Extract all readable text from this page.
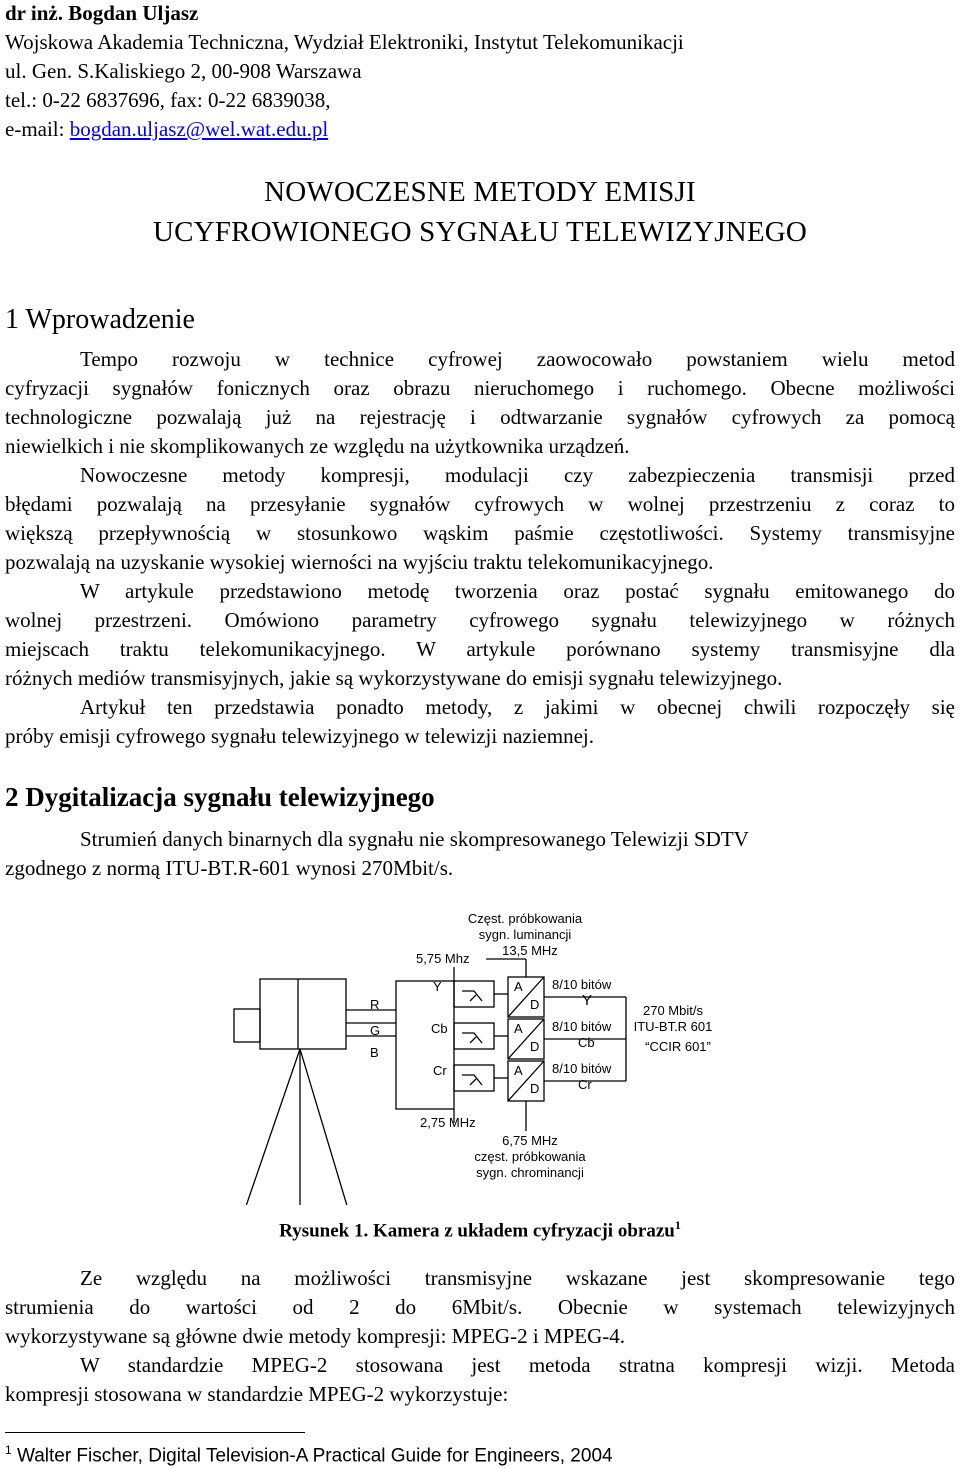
dr inż. Bogdan Uljasz
Wojskowa Akademia Techniczna, Wydział Elektroniki, Instytut Telekomunikacji
ul. Gen. S.Kaliskiego 2, 00-908 Warszawa
tel.: 0-22 6837696, fax: 0-22 6839038,
e-mail: bogdan.uljasz@wel.wat.edu.pl
NOWOCZESNE METODY EMISJI
UCYFROWIONEGO SYGNAŁU TELEWIZYJNEGO
1 Wprowadzenie
Tempo rozwoju w technice cyfrowej zaowocowało powstaniem wielu metod
cyfryzacji sygnałów fonicznych oraz obrazu nieruchomego i ruchomego. Obecne możliwości
technologiczne pozwalają już na rejestrację i odtwarzanie sygnałów cyfrowych za pomocą
niewielkich i nie skomplikowanych ze względu na użytkownika urządzeń.
Nowoczesne metody kompresji, modulacji czy zabezpieczenia transmisji przed
błędami pozwalają na przesyłanie sygnałów cyfrowych w wolnej przestrzeniu z coraz to
większą przepływnością w stosunkowo wąskim paśmie częstotliwości. Systemy transmisyjne
pozwalają na uzyskanie wysokiej wierności na wyjściu traktu telekomunikacyjnego.
W artykule przedstawiono metodę tworzenia oraz postać sygnału emitowanego do
wolnej przestrzeni. Omówiono parametry cyfrowego sygnału telewizyjnego w różnych
miejscach traktu telekomunikacyjnego. W artykule porównano systemy transmisyjne dla
różnych mediów transmisyjnych, jakie są wykorzystywane do emisji sygnału telewizyjnego.
Artykuł ten przedstawia ponadto metody, z jakimi w obecnej chwili rozpoczęły się
próby emisji cyfrowego sygnału telewizyjnego w telewizji naziemnej.
2 Dygitalizacja sygnału telewizyjnego
Strumień danych binarnych dla sygnału nie skompresowanego Telewizji SDTV
zgodnego z normą ITU-BT.R-601 wynosi 270Mbit/s.
Częst. próbkowania
sygn. luminancji
13,5 MHz
5,75 Mhz
R
G
B
Y
Cb
Cr
A
D
A
D
A
D
8/10 bitów
Y
8/10 bitów
Cb
8/10 bitów
Cr
270 Mbit/s
ITU-BT.R 601
“CCIR 601”
2,75 MHz
6,75 MHz
częst. próbkowania
sygn. chrominancji
Rysunek 1. Kamera z układem cyfryzacji obrazu$^1$
Ze względu na możliwości transmisyjne wskazane jest skompresowanie tego
strumienia do wartości od 2 do 6Mbit/s. Obecnie w systemach telewizyjnych
wykorzystywane są główne dwie metody kompresji: MPEG-2 i MPEG-4.
W standardzie MPEG-2 stosowana jest metoda stratna kompresji wizji. Metoda
kompresji stosowana w standardzie MPEG-2 wykorzystuje:
$^1$ Walter Fischer, Digital Television-A Practical Guide for Engineers, 2004
